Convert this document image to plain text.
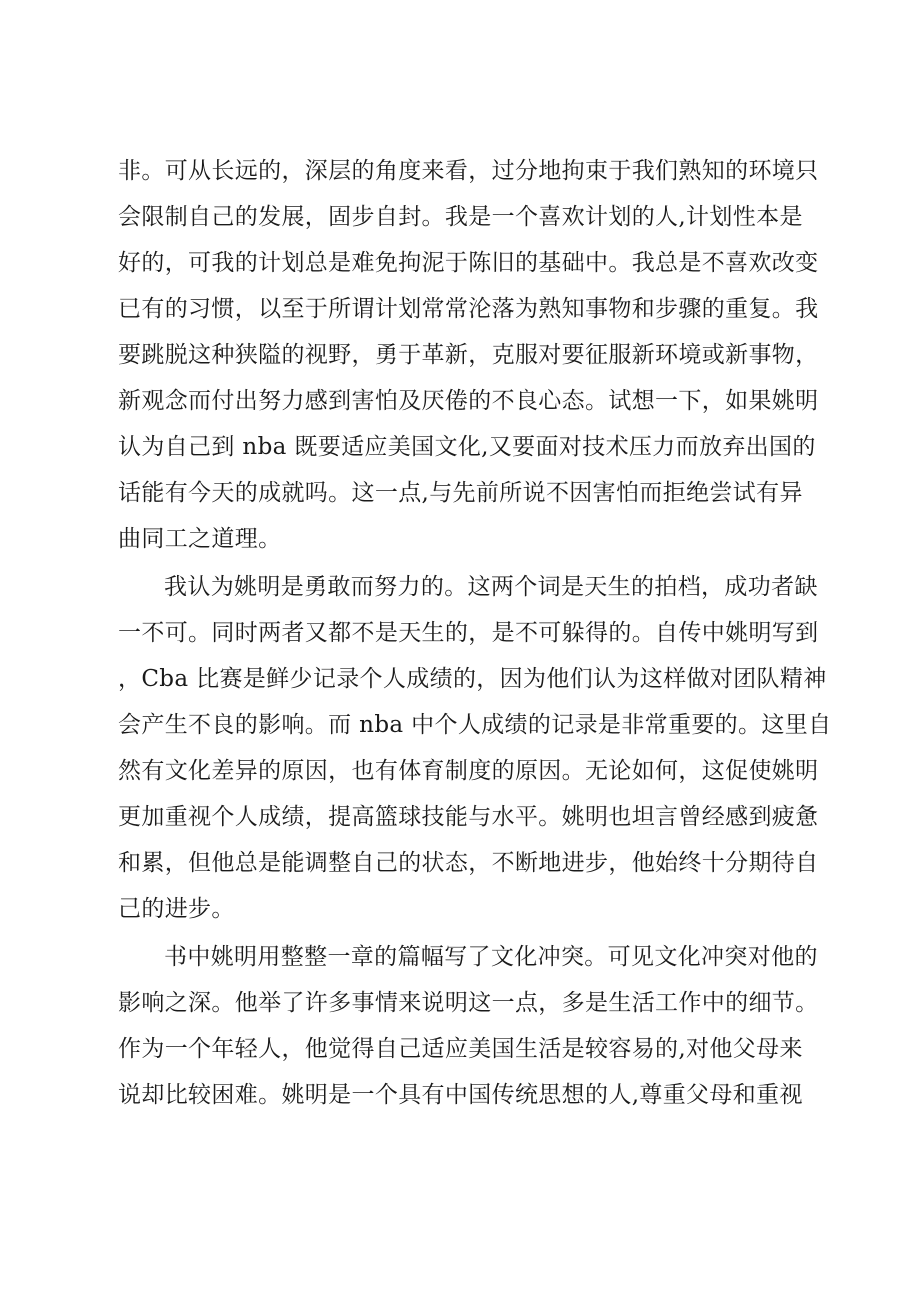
非。可从长远的，深层的角度来看，过分地拘束于我们熟知的环境只
会限制自己的发展，固步自封。我是一个喜欢计划的人,计划性本是
好的，可我的计划总是难免拘泥于陈旧的基础中。我总是不喜欢改变
已有的习惯，以至于所谓计划常常沦落为熟知事物和步骤的重复。我
要跳脱这种狭隘的视野，勇于革新，克服对要征服新环境或新事物，
新观念而付出努力感到害怕及厌倦的不良心态。试想一下，如果姚明
认为自己到 nba 既要适应美国文化,又要面对技术压力而放弃出国的
话能有今天的成就吗。这一点,与先前所说不因害怕而拒绝尝试有异
曲同工之道理。
我认为姚明是勇敢而努力的。这两个词是天生的拍档，成功者缺
一不可。同时两者又都不是天生的，是不可躲得的。自传中姚明写到
，Cba 比赛是鲜少记录个人成绩的，因为他们认为这样做对团队精神
会产生不良的影响。而 nba 中个人成绩的记录是非常重要的。这里自
然有文化差异的原因，也有体育制度的原因。无论如何，这促使姚明
更加重视个人成绩，提高篮球技能与水平。姚明也坦言曾经感到疲惫
和累，但他总是能调整自己的状态，不断地进步，他始终十分期待自
己的进步。
书中姚明用整整一章的篇幅写了文化冲突。可见文化冲突对他的
影响之深。他举了许多事情来说明这一点，多是生活工作中的细节。
作为一个年轻人，他觉得自己适应美国生活是较容易的,对他父母来
说却比较困难。姚明是一个具有中国传统思想的人,尊重父母和重视
